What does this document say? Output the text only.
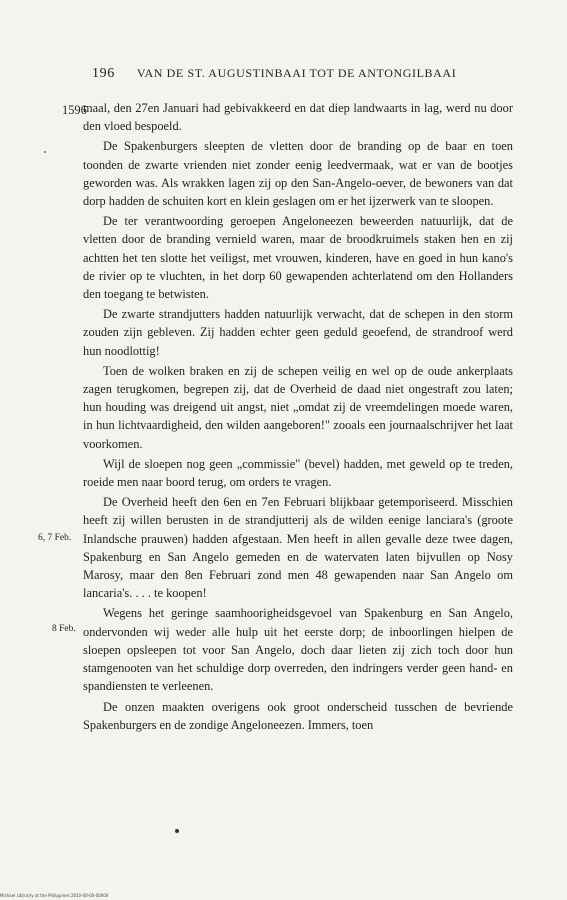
196 VAN DE ST. AUGUSTINBAAI TOT DE ANTONGILBAAI
1596
6, 7 Feb.
8 Feb.

maal, den 27en Januari had gebivakkeerd en dat diep landwaarts in lag, werd nu door den vloed bespoeld.

De Spakenburgers sleepten de vletten door de branding op de baar en toen toonden de zwarte vrienden niet zonder eenig leedvermaak, wat er van de bootjes geworden was. Als wrakken lagen zij op den San-Angelo-oever, de bewoners van dat dorp hadden de schuiten kort en klein geslagen om er het ijzerwerk van te sloopen.

De ter verantwoording geroepen Angeloneezen beweerden natuurlijk, dat de vletten door de branding vernield waren, maar de broodkruimels staken hen en zij achtten het ten slotte het veiligst, met vrouwen, kinderen, have en goed in hun kano's de rivier op te vluchten, in het dorp 60 gewapenden achterlatend om den Hollanders den toegang te betwisten.

De zwarte strandjutters hadden natuurlijk verwacht, dat de schepen in den storm zouden zijn gebleven. Zij hadden echter geen geduld geoefend, de strandroof werd hun noodlottig!

Toen de wolken braken en zij de schepen veilig en wel op de oude ankerplaats zagen terugkomen, begrepen zij, dat de Overheid de daad niet ongestraft zou laten; hun houding was dreigend uit angst, niet „omdat zij de vreemdelingen moede waren, in hun lichtvaardigheid, den wilden aangeboren!" zooals een journaalschrijver het laat voorkomen.

Wijl de sloepen nog geen „commissie" (bevel) hadden, met geweld op te treden, roeide men naar boord terug, om orders te vragen.

De Overheid heeft den 6en en 7en Februari blijkbaar getemporiseerd. Misschien heeft zij willen berusten in de strandjutterij als de wilden eenige lanciara's (groote Inlandsche prauwen) hadden afgestaan. Men heeft in allen gevalle deze twee dagen, Spakenburg en San Angelo gemeden en de watervaten laten bijvullen op Nosy Marosy, maar den 8en Februari zond men 48 gewapenden naar San Angelo om lancaria's. . . . te koopen!

Wegens het geringe saamhoorigheidsgevoel van Spakenburg en San Angelo, ondervonden wij weder alle hulp uit het eerste dorp; de inboorlingen hielpen de sloepen opsleepen tot voor San Angelo, doch daar lieten zij zich toch door hun stamgenooten van het schuldige dorp overreden, den indringers verder geen hand- en spandiensten te verleenen.

De onzen maakten overigens ook groot onderscheid tusschen de bevriende Spakenburgers en de zondige Angeloneezen. Immers, toen

Michael Lib[ra]ry at the Philippines 2010-00-00-00000
